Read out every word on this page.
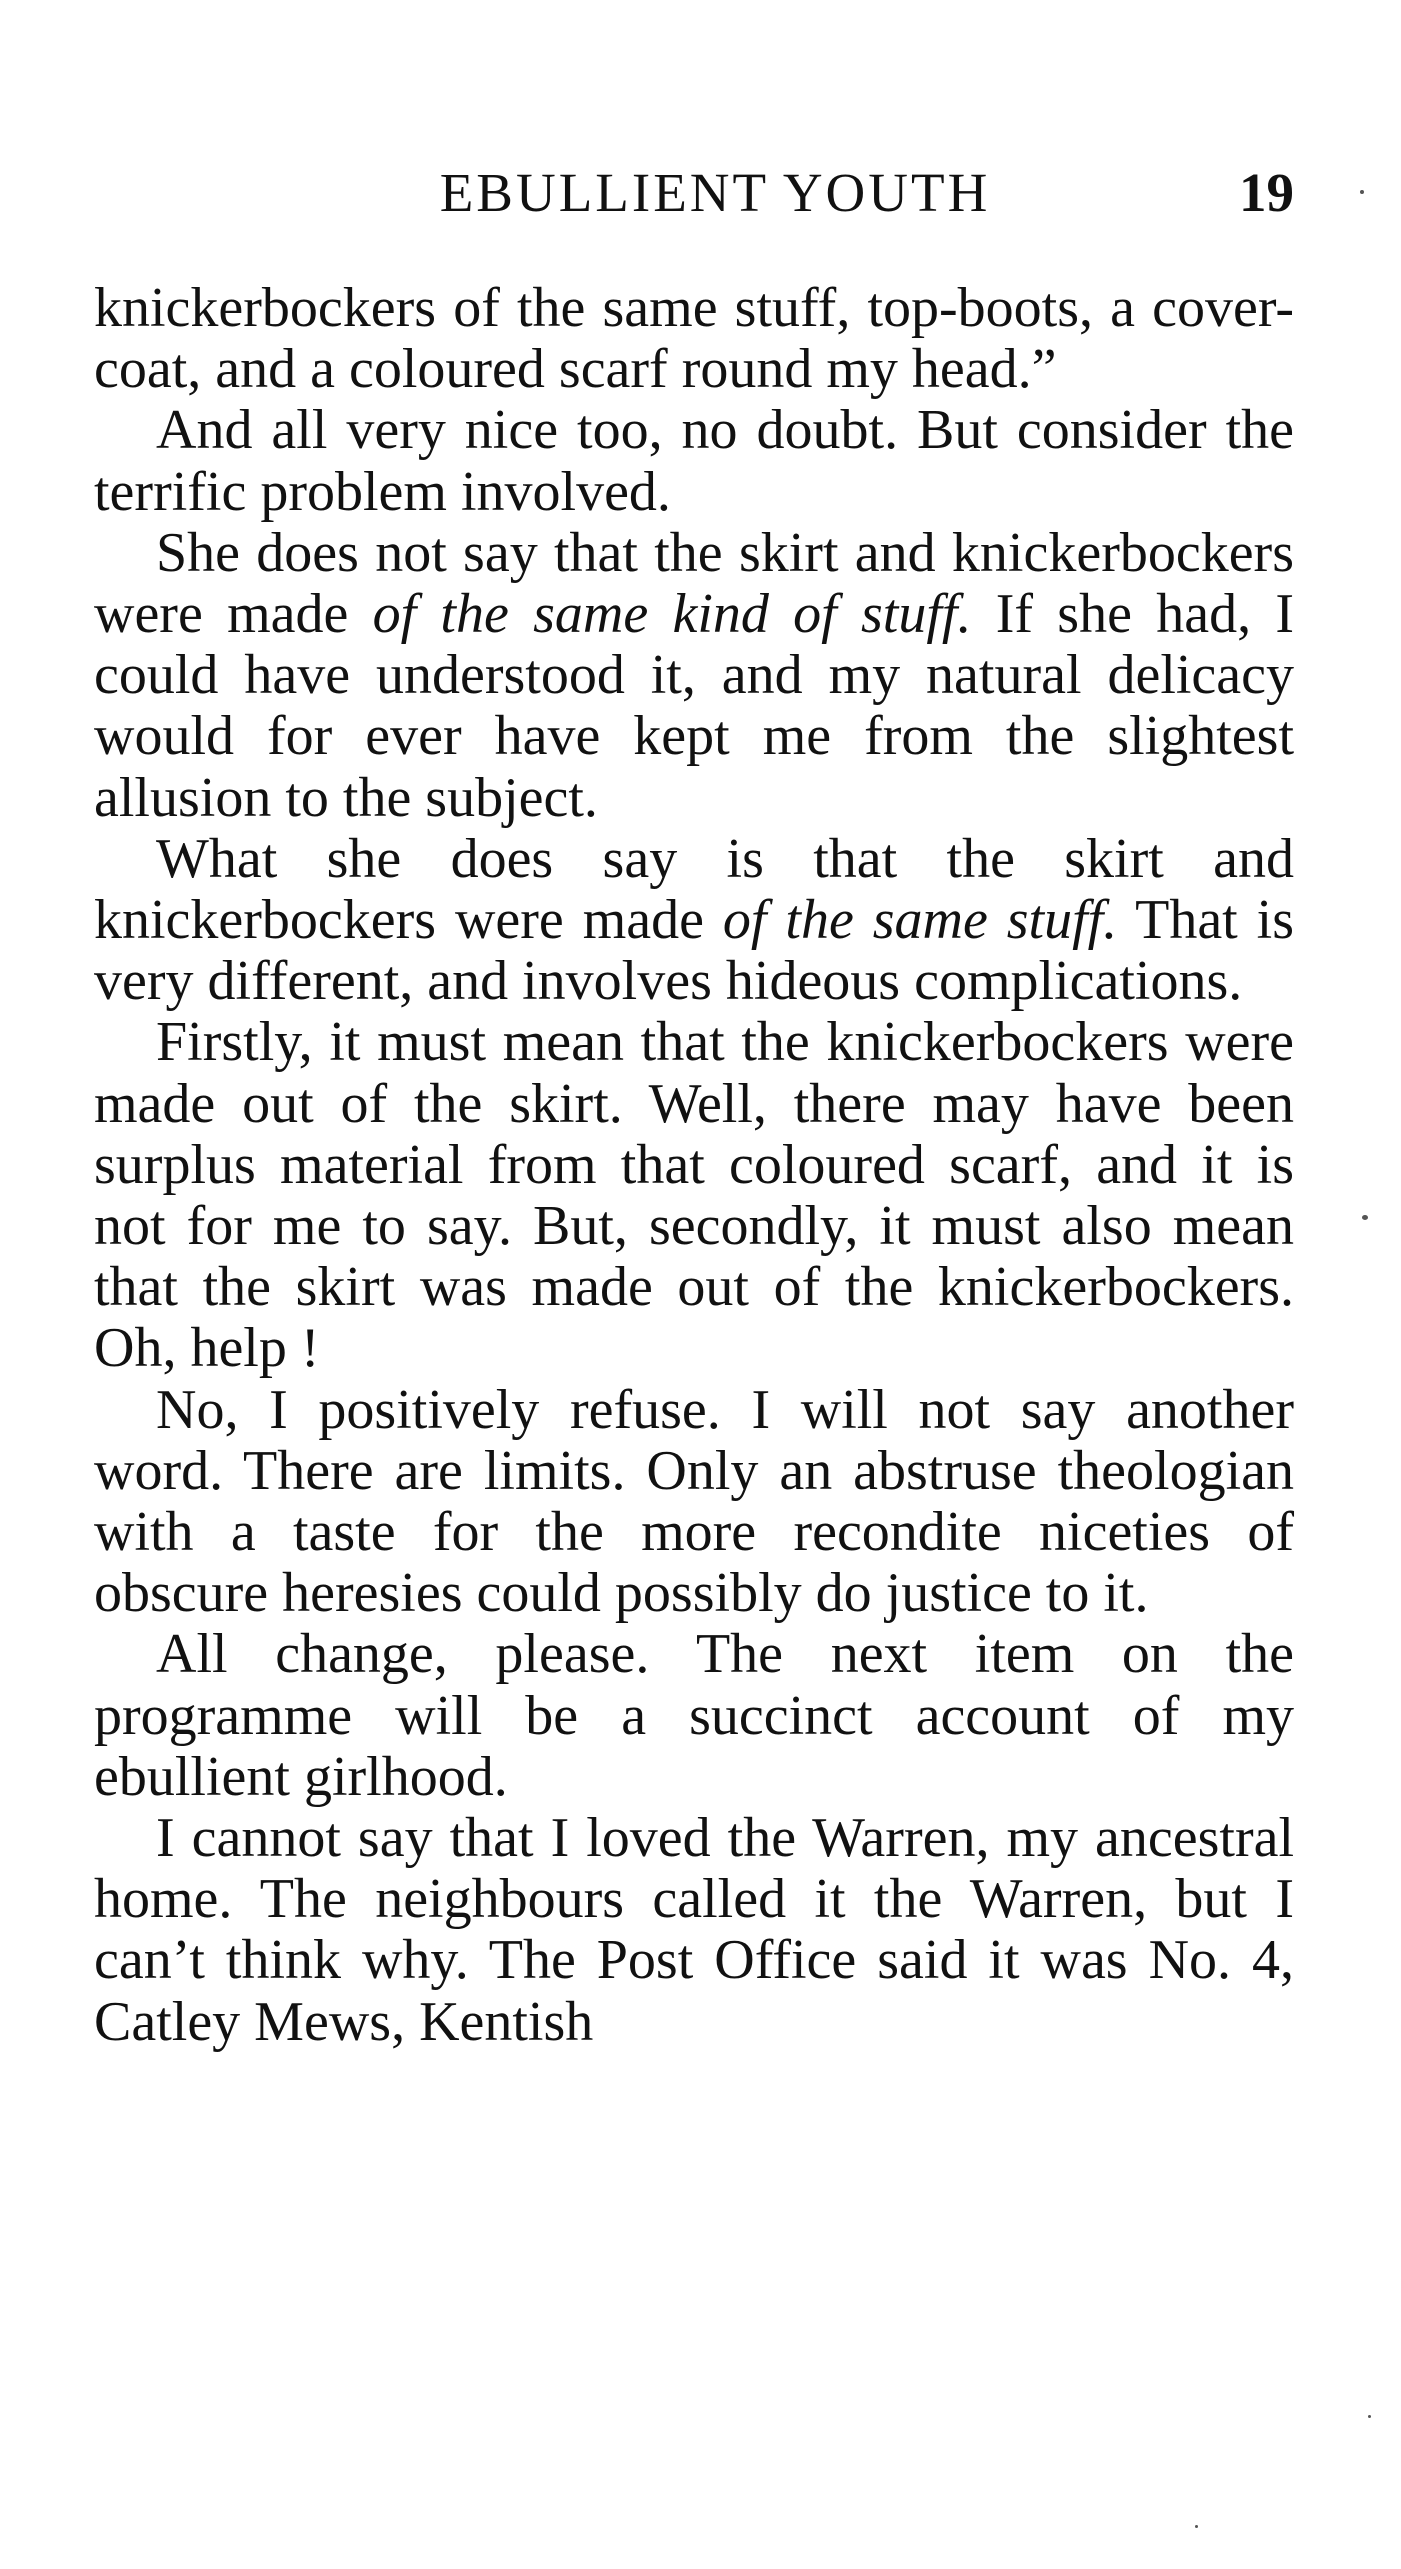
EBULLIENT YOUTH	19

knickerbockers of the same stuff, top-boots, a cover-coat, and a coloured scarf round my head.”

And all very nice too, no doubt. But consider the terrific problem involved.

She does not say that the skirt and knickerbockers were made of the same kind of stuff. If she had, I could have understood it, and my natural delicacy would for ever have kept me from the slightest allusion to the subject.

What she does say is that the skirt and knickerbockers were made of the same stuff. That is very different, and involves hideous complications.

Firstly, it must mean that the knickerbockers were made out of the skirt. Well, there may have been surplus material from that coloured scarf, and it is not for me to say. But, secondly, it must also mean that the skirt was made out of the knickerbockers. Oh, help !

No, I positively refuse. I will not say another word. There are limits. Only an abstruse theologian with a taste for the more recondite niceties of obscure heresies could possibly do justice to it.

All change, please. The next item on the programme will be a succinct account of my ebullient girlhood.

I cannot say that I loved the Warren, my ancestral home. The neighbours called it the Warren, but I can’t think why. The Post Office said it was No. 4, Catley Mews, Kentish
